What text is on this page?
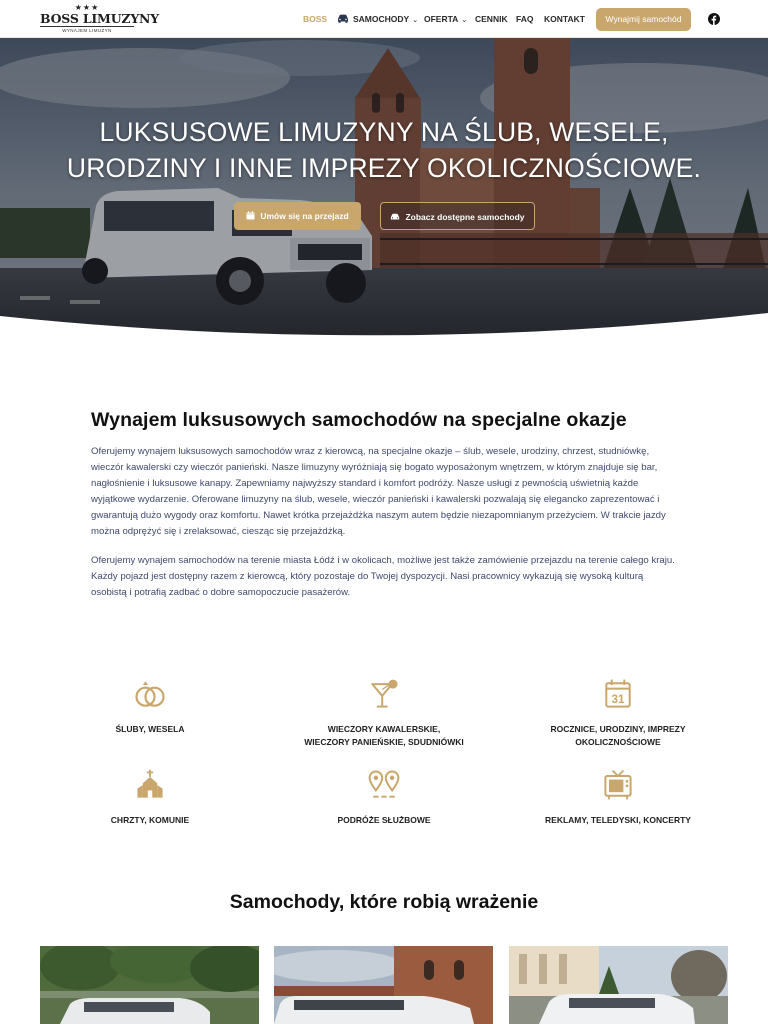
★★★
BOSS LIMUZYNY
WYNAJEM LIMUZYN
BOSS	SAMOCHODY ⌄ OFERTA ⌄ CENNIK FAQ KONTAKT	Wynajmij samochód
LUKSUSOWE LIMUZYNY NA ŚLUB, WESELE,
URODZINY I INNE IMPREZY OKOLICZNOŚCIOWE.
Umów się na przejazd	Zobacz dostępne samochody
Wynajem luksusowych samochodów na specjalne okazje

Oferujemy wynajem luksusowych samochodów wraz z kierowcą, na specjalne okazje – ślub, wesele, urodziny, chrzest, studniówkę, wieczór kawalerski czy wieczór panieński. Nasze limuzyny wyróżniają się bogato wyposażonym wnętrzem, w którym znajduje się bar, nagłośnienie i luksusowe kanapy. Zapewniamy najwyższy standard i komfort podróży. Nasze usługi z pewnością uświetnią każde wyjątkowe wydarzenie. Oferowane limuzyny na ślub, wesele, wieczór panieński i kawalerski pozwalają się elegancko zaprezentować i gwarantują dużo wygody oraz komfortu. Nawet krótka przejażdżka naszym autem będzie niezapomnianym przeżyciem. W trakcie jazdy można odprężyć się i zrelaksować, ciesząc się przejażdżką.

Oferujemy wynajem samochodów na terenie miasta Łódź i w okolicach, możliwe jest także zamówienie przejazdu na terenie całego kraju. Każdy pojazd jest dostępny razem z kierowcą, który pozostaje do Twojej dyspozycji. Nasi pracownicy wykazują się wysoką kulturą osobistą i potrafią zadbać o dobre samopoczucie pasażerów.

ŚLUBY, WESELA	WIECZORY KAWALERSKIE,
WIECZORY PANIEŃSKIE, SDUDNIÓWKI
31
ROCZNICE, URODZINY, IMPREZY
OKOLICZNOŚCIOWE
CHRZTY, KOMUNIE	PODRÓŻE SŁUŻBOWE	REKLAMY, TELEDYSKI, KONCERTY
Samochody, które robią wrażenie
